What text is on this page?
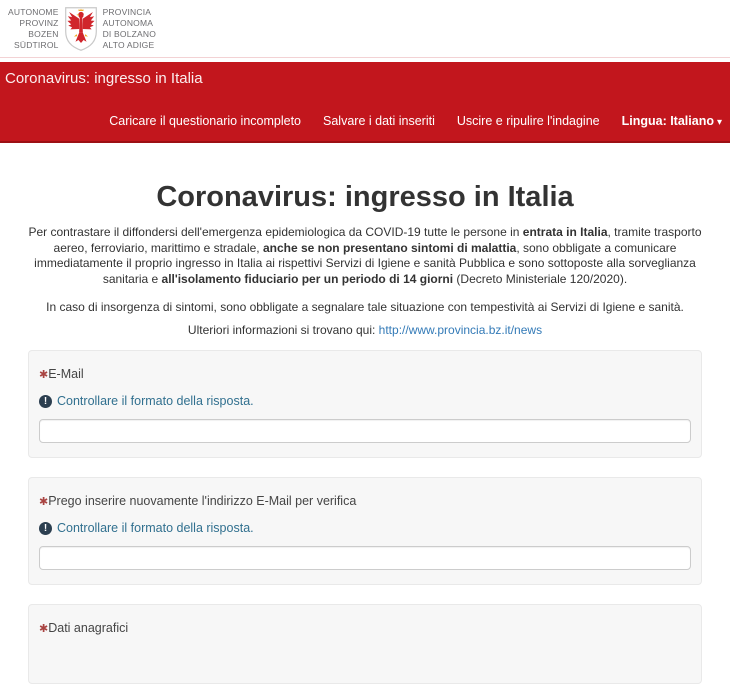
AUTONOME
PROVINZ
BOZEN
SÜDTIROL
PROVINCIA
AUTONOMA
DI BOLZANO
ALTO ADIGE
Coronavirus: ingresso in Italia
Caricare il questionario incompleto Salvare i dati inseriti Uscire e ripulire l'indagine Lingua: Italiano ▾
Coronavirus: ingresso in Italia

Per contrastare il diffondersi dell'emergenza epidemiologica da COVID-19 tutte le persone in entrata in Italia, tramite trasporto aereo, ferroviario, marittimo e stradale, anche se non presentano sintomi di malattia, sono obbligate a comunicare immediatamente il proprio ingresso in Italia ai rispettivi Servizi di Igiene e sanità Pubblica e sono sottoposte alla sorveglianza sanitaria e all'isolamento fiduciario per un periodo di 14 giorni (Decreto Ministeriale 120/2020).

In caso di insorgenza di sintomi, sono obbligate a segnalare tale situazione con tempestività ai Servizi di Igiene e sanità.

Ulteriori informazioni si trovano qui: http://www.provincia.bz.it/news

✱E-Mail
! Controllare il formato della risposta.
✱Prego inserire nuovamente l'indirizzo E-Mail per verifica
! Controllare il formato della risposta.
✱Dati anagrafici
